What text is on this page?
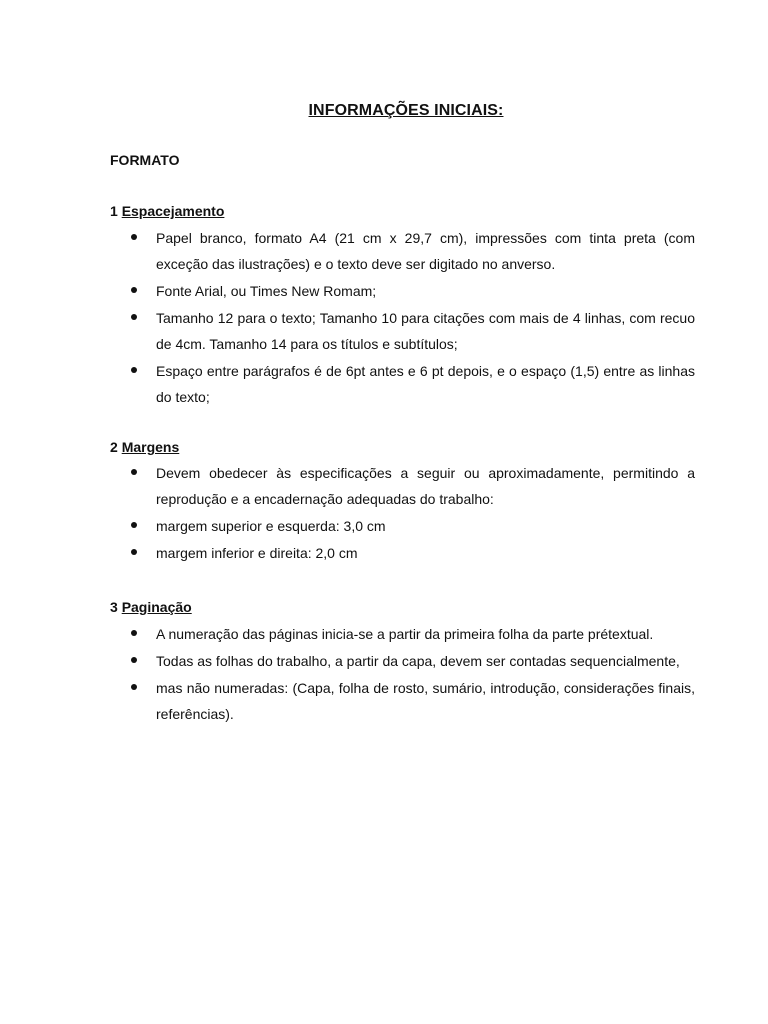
INFORMAÇÕES INICIAIS:
FORMATO
1 Espacejamento
Papel branco, formato A4 (21 cm x 29,7 cm), impressões com tinta preta (com exceção das ilustrações) e o texto deve ser digitado no anverso.
Fonte Arial, ou Times New Romam;
Tamanho 12 para o texto; Tamanho 10 para citações com mais de 4 linhas, com recuo de 4cm. Tamanho 14 para os títulos e subtítulos;
Espaço entre parágrafos é de 6pt antes e 6 pt depois, e o espaço (1,5) entre as linhas do texto;
2 Margens
Devem obedecer às especificações a seguir ou aproximadamente, permitindo a reprodução e a encadernação adequadas do trabalho:
margem superior e esquerda: 3,0 cm
margem inferior e direita: 2,0 cm
3 Paginação
A numeração das páginas inicia-se a partir da primeira folha da parte prétextual.
Todas as folhas do trabalho, a partir da capa, devem ser contadas sequencialmente,
mas não numeradas: (Capa, folha de rosto, sumário, introdução, considerações finais, referências).
